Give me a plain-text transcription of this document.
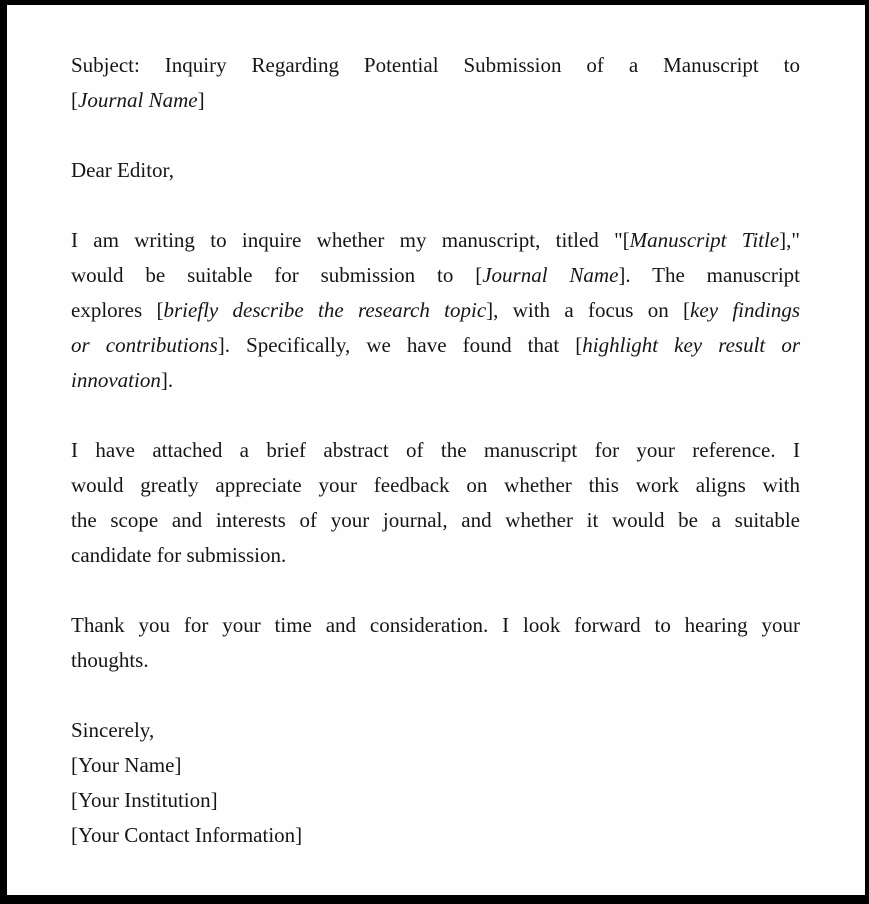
Subject: Inquiry Regarding Potential Submission of a Manuscript to
[Journal Name]
Dear Editor,
I am writing to inquire whether my manuscript, titled "[Manuscript Title],"
would be suitable for submission to [Journal Name]. The manuscript
explores [briefly describe the research topic], with a focus on [key findings
or contributions]. Specifically, we have found that [highlight key result or
innovation].
I have attached a brief abstract of the manuscript for your reference. I
would greatly appreciate your feedback on whether this work aligns with
the scope and interests of your journal, and whether it would be a suitable
candidate for submission.
Thank you for your time and consideration. I look forward to hearing your
thoughts.
Sincerely,
[Your Name]
[Your Institution]
[Your Contact Information]
